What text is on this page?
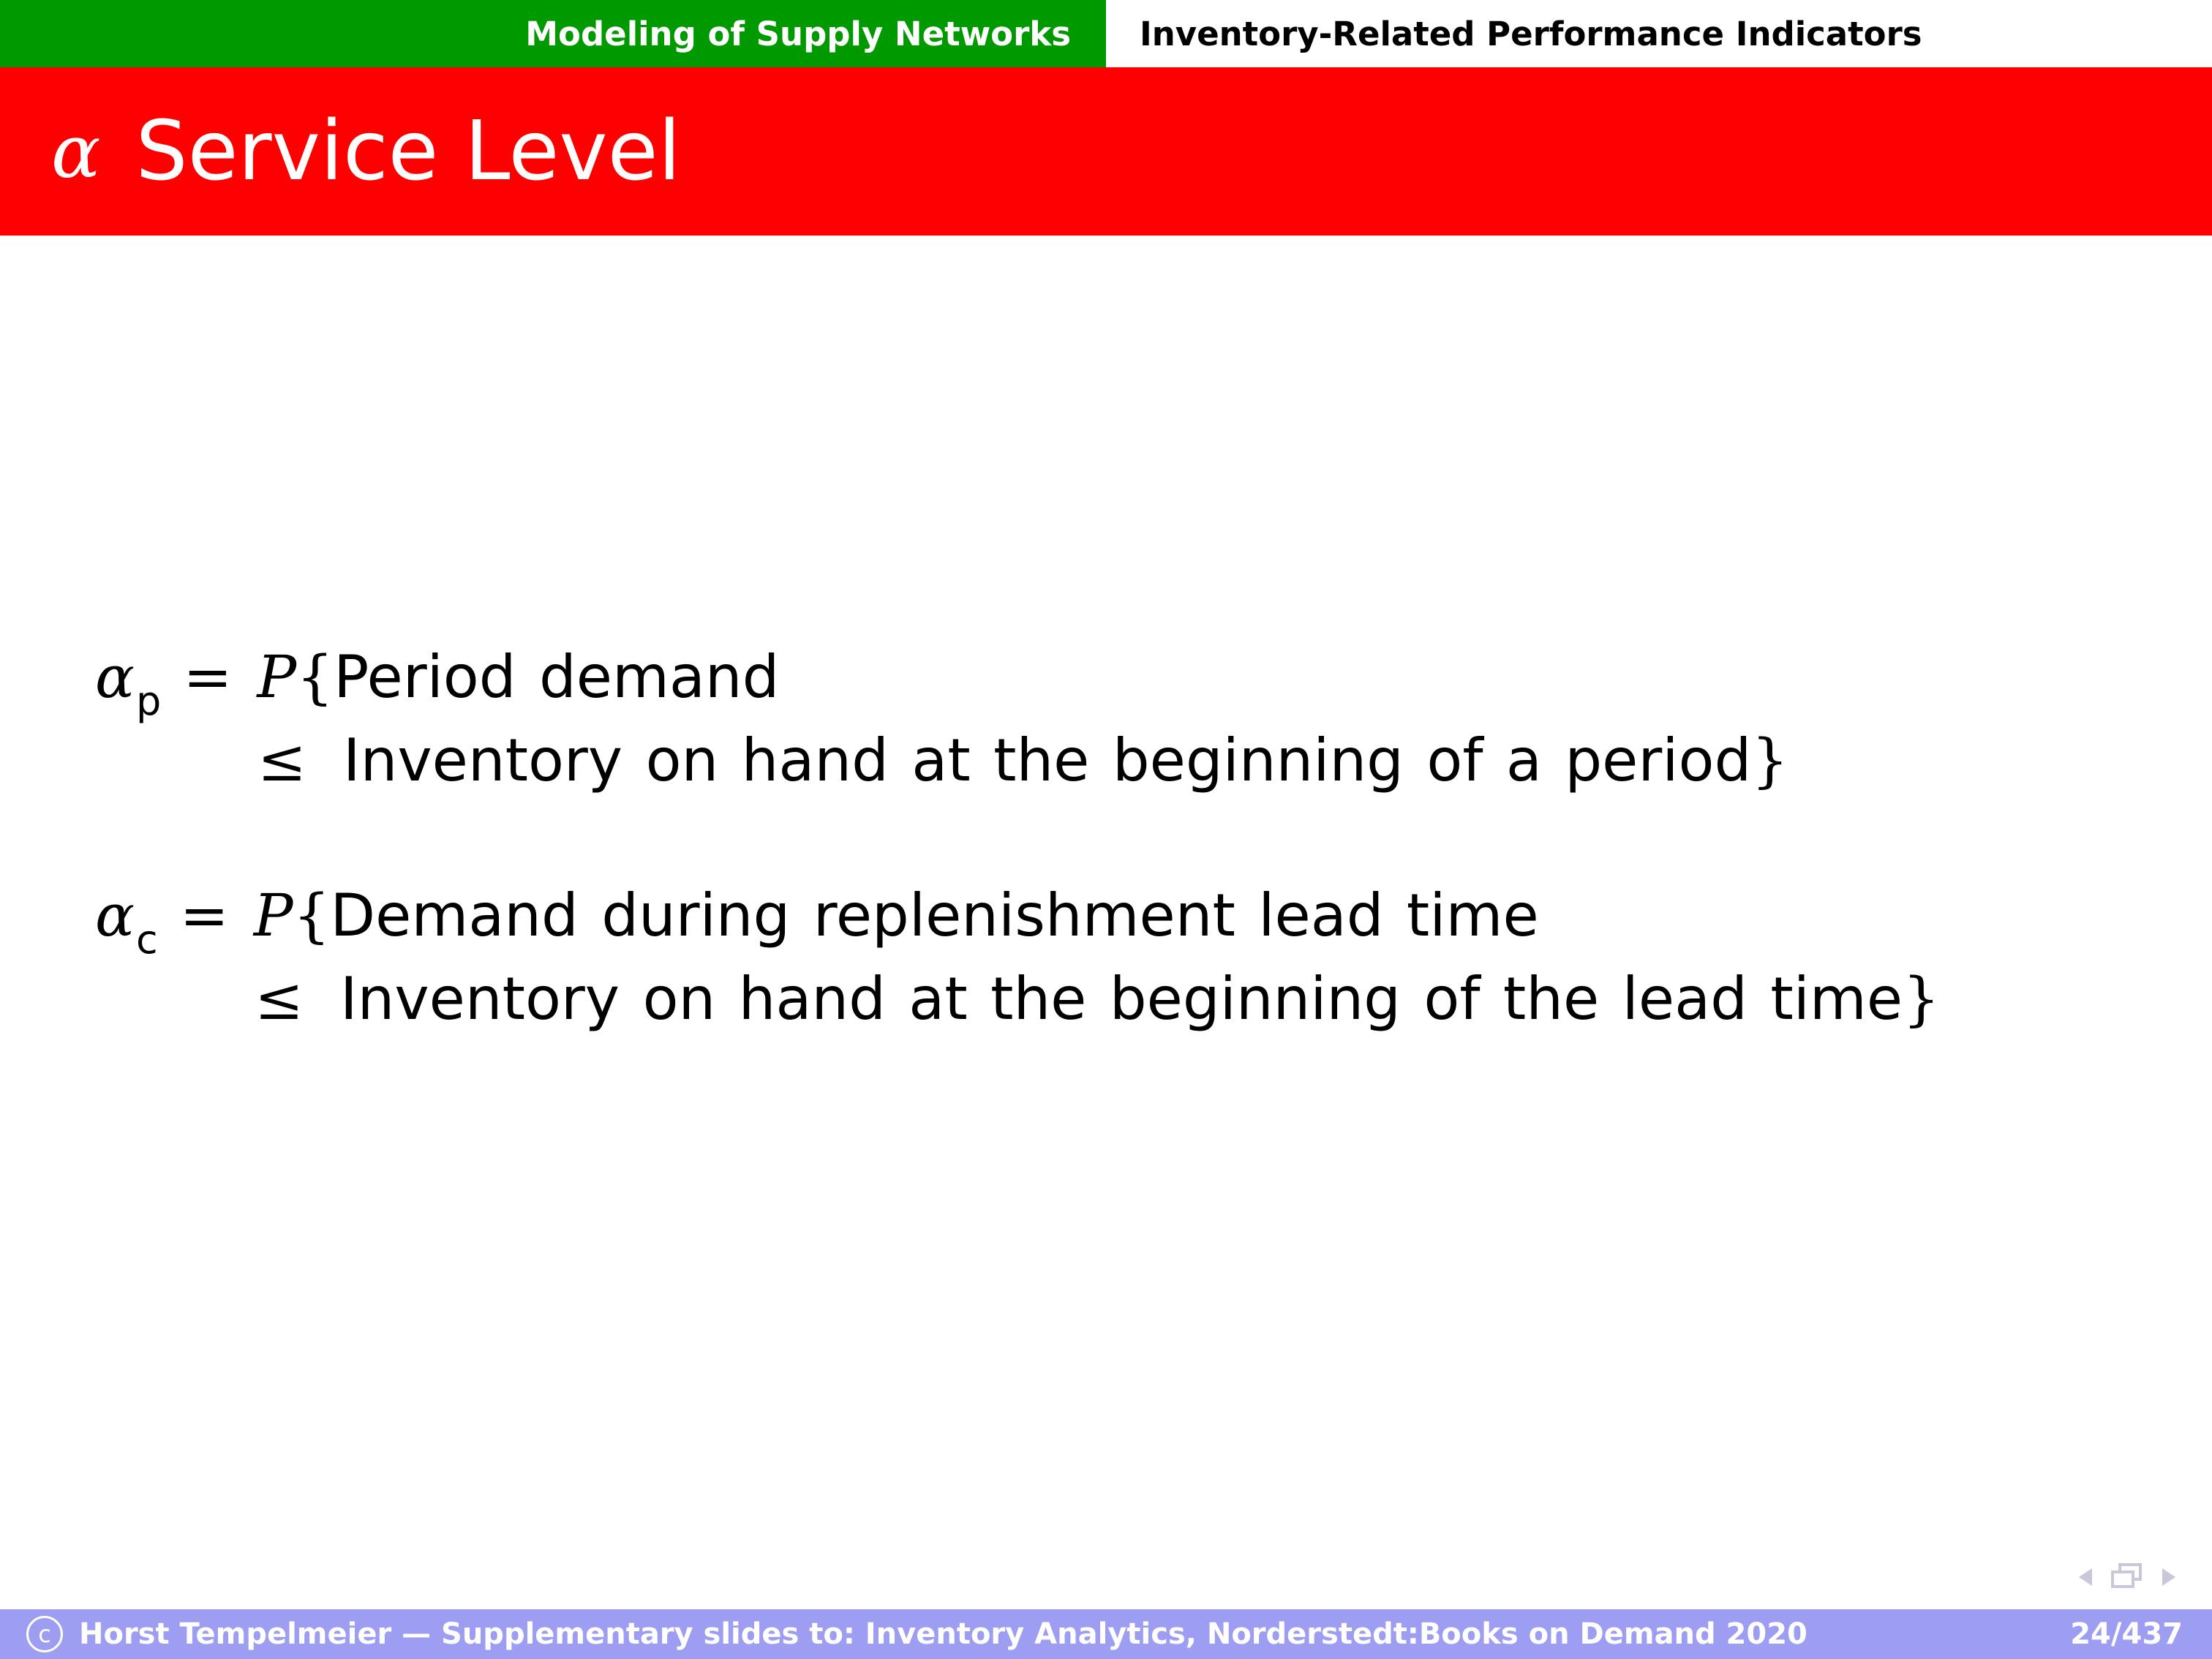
Modeling of Supply Networks Inventory-Related Performance Indicators
α Service Level
α p = P { Period demand
≤ Inventory on hand at the beginning of a period }
α c = P { Demand during replenishment lead time
≤ Inventory on hand at the beginning of the lead time }
c Horst Tempelmeier — Supplementary slides to: Inventory Analytics, Norderstedt:Books on Demand 2020	24/437
